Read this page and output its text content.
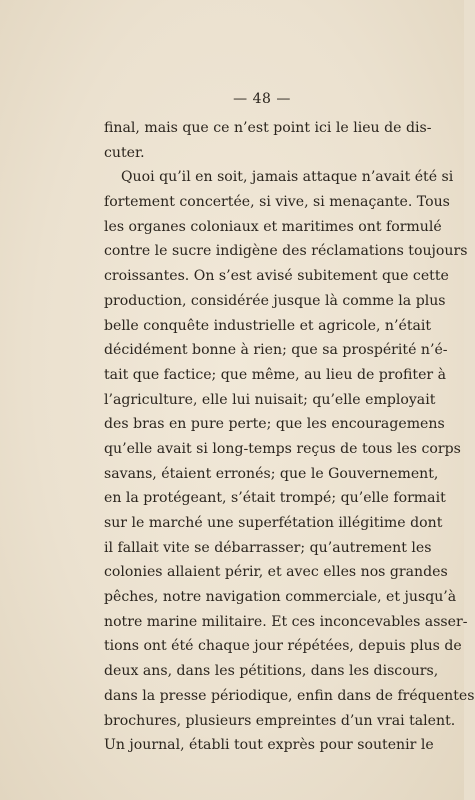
— 48 —
final, mais que ce n’est point ici le lieu de dis-
cuter.
Quoi qu’il en soit, jamais attaque n’avait été si
fortement concertée, si vive, si menaçante. Tous
les organes coloniaux et maritimes ont formulé
contre le sucre indigène des réclamations toujours
croissantes. On s’est avisé subitement que cette
production, considérée jusque là comme la plus
belle conquête industrielle et agricole, n’était
décidément bonne à rien; que sa prospérité n’é-
tait que factice; que même, au lieu de profiter à
l’agriculture, elle lui nuisait; qu’elle employait
des bras en pure perte; que les encouragemens
qu’elle avait si long-temps reçus de tous les corps
savans, étaient erronés; que le Gouvernement,
en la protégeant, s’était trompé; qu’elle formait
sur le marché une superfétation illégitime dont
il fallait vite se débarrasser; qu’autrement les
colonies allaient périr, et avec elles nos grandes
pêches, notre navigation commerciale, et jusqu’à
notre marine militaire. Et ces inconcevables asser-
tions ont été chaque jour répétées, depuis plus de
deux ans, dans les pétitions, dans les discours,
dans la presse périodique, enfin dans de fréquentes
brochures, plusieurs empreintes d’un vrai talent.
Un journal, établi tout exprès pour soutenir le
